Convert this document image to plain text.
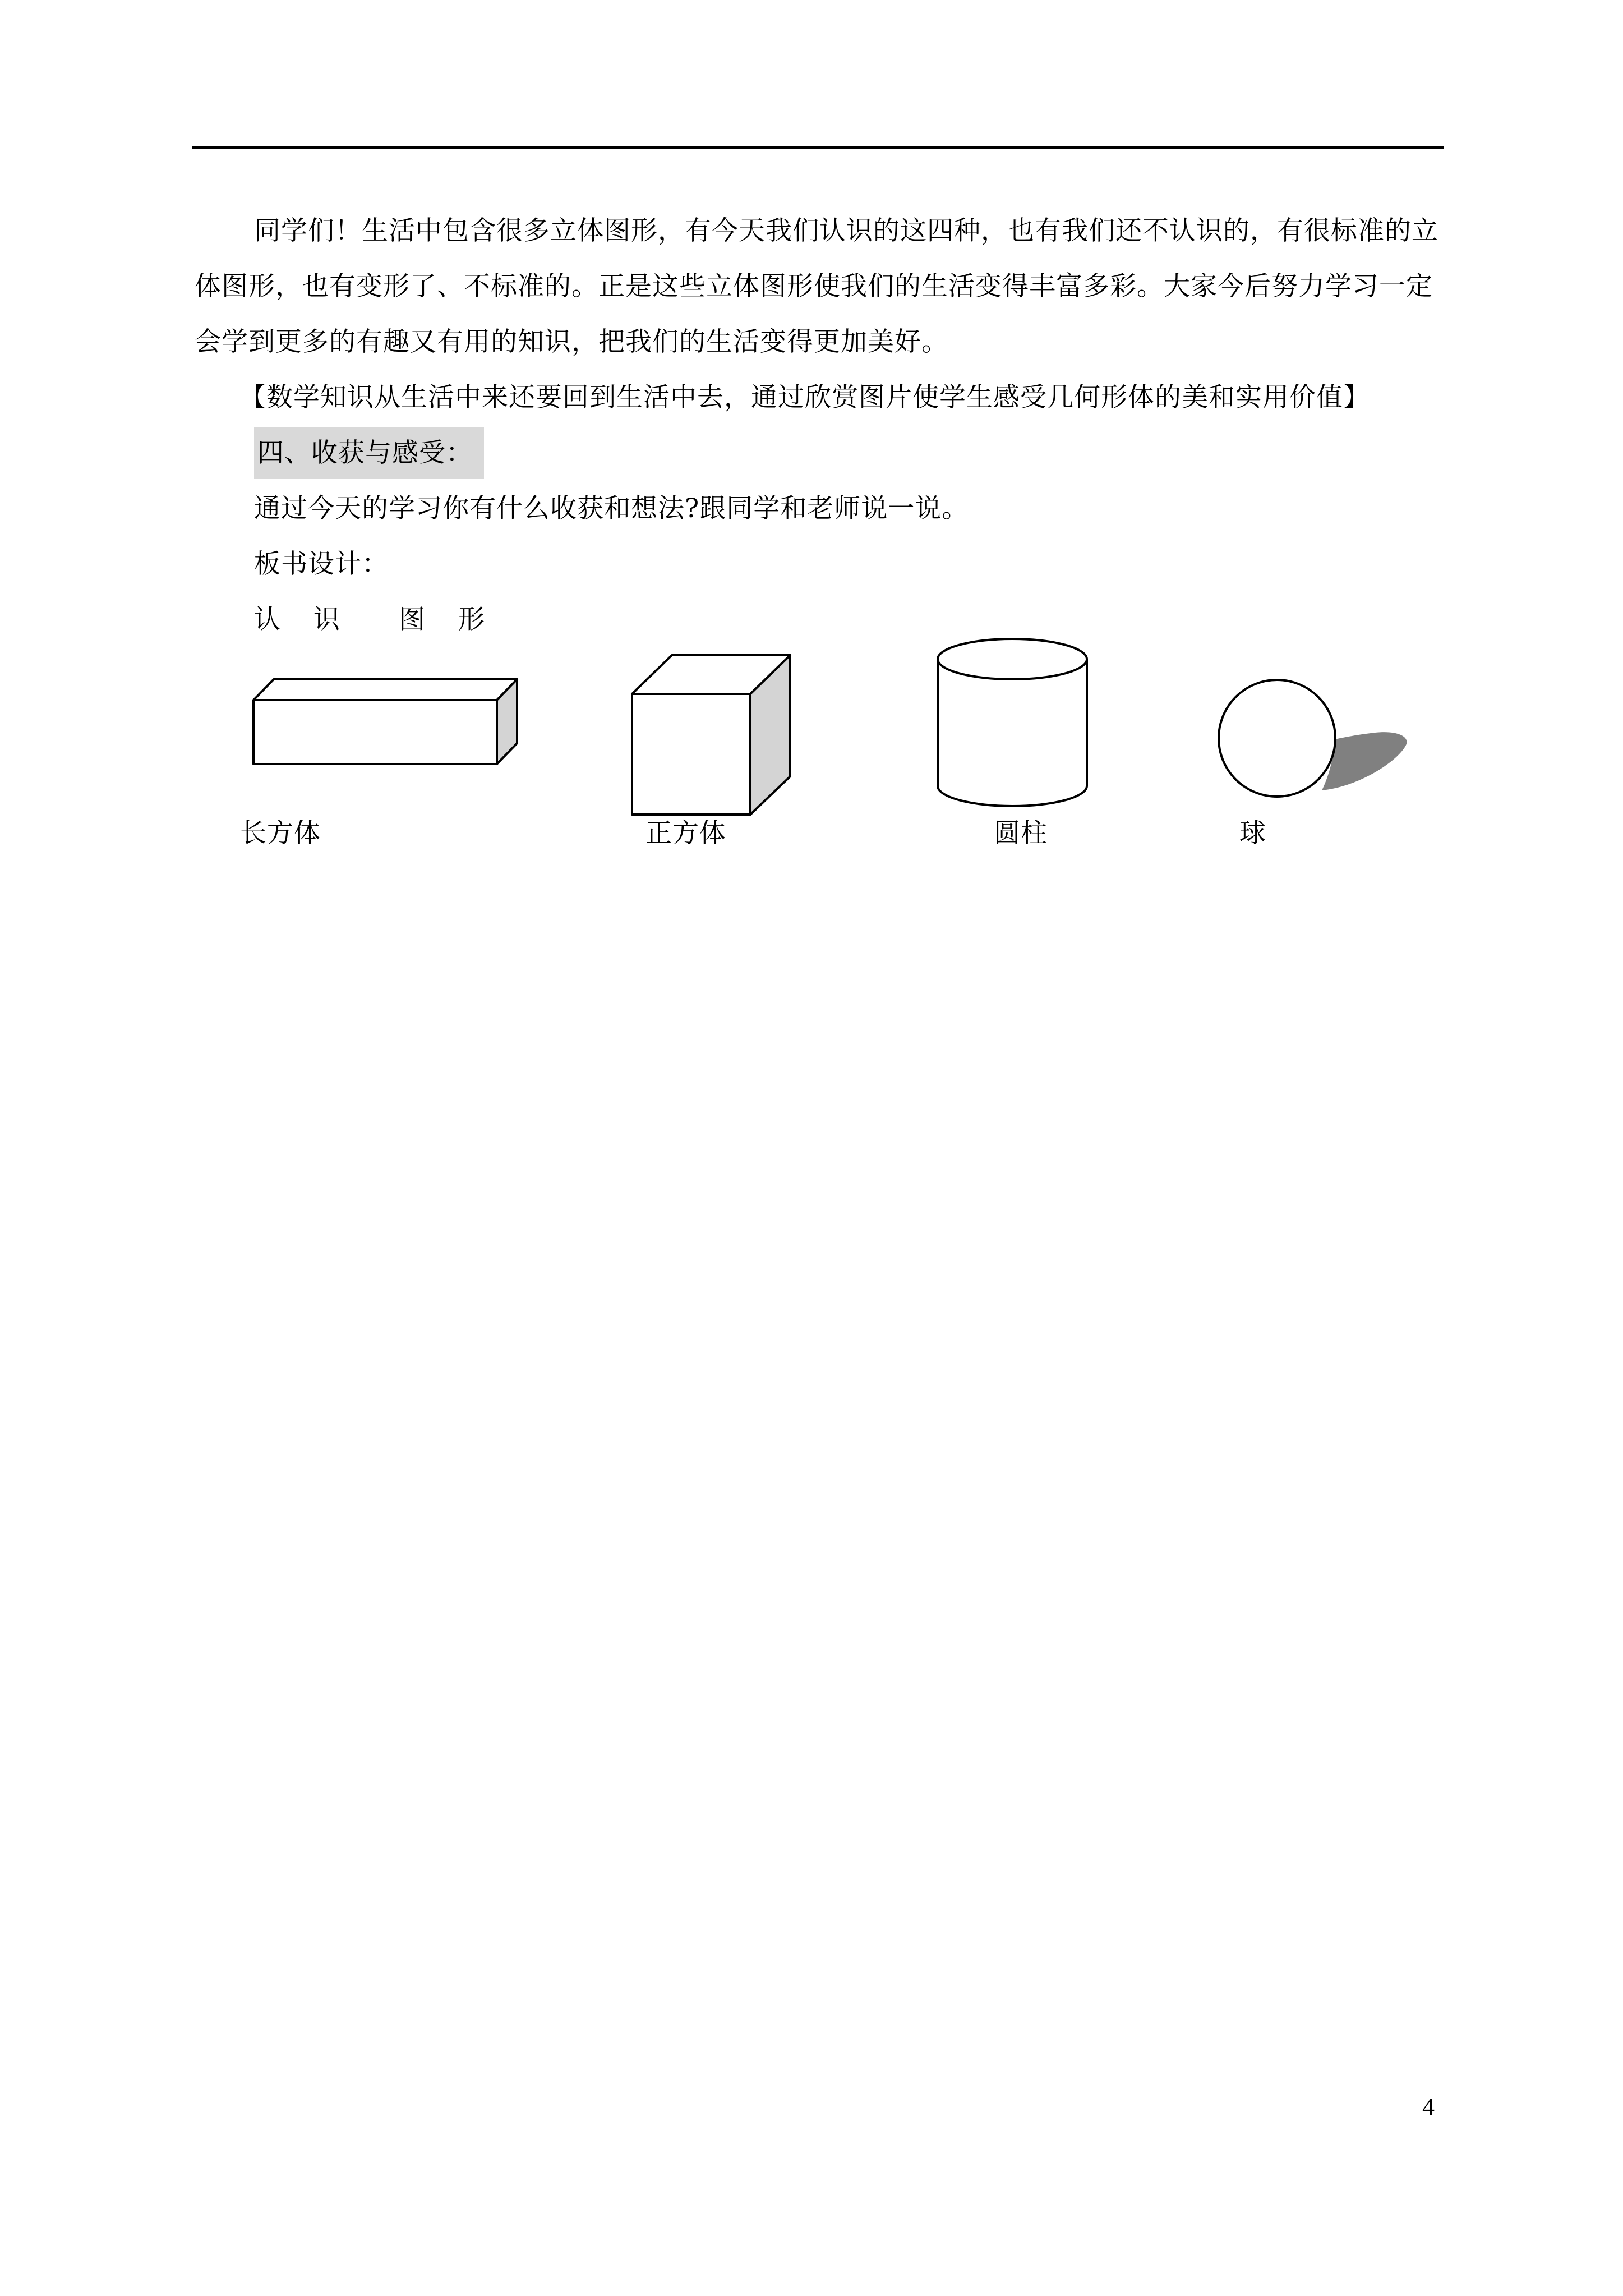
同学们！生活中包含很多立体图形，有今天我们认识的这四种，也有我们还不认识的，有很标准的立体图形，也有变形了、不标准的。正是这些立体图形使我们的生活变得丰富多彩。大家今后努力学习一定会学到更多的有趣又有用的知识，把我们的生活变得更加美好。

【数学知识从生活中来还要回到生活中去，通过欣赏图片使学生感受几何形体的美和实用价值】

四、收获与感受：

通过今天的学习你有什么收获和想法?跟同学和老师说一说。

板书设计：

认 识 图 形

长方体	正方体	圆柱	球
4
